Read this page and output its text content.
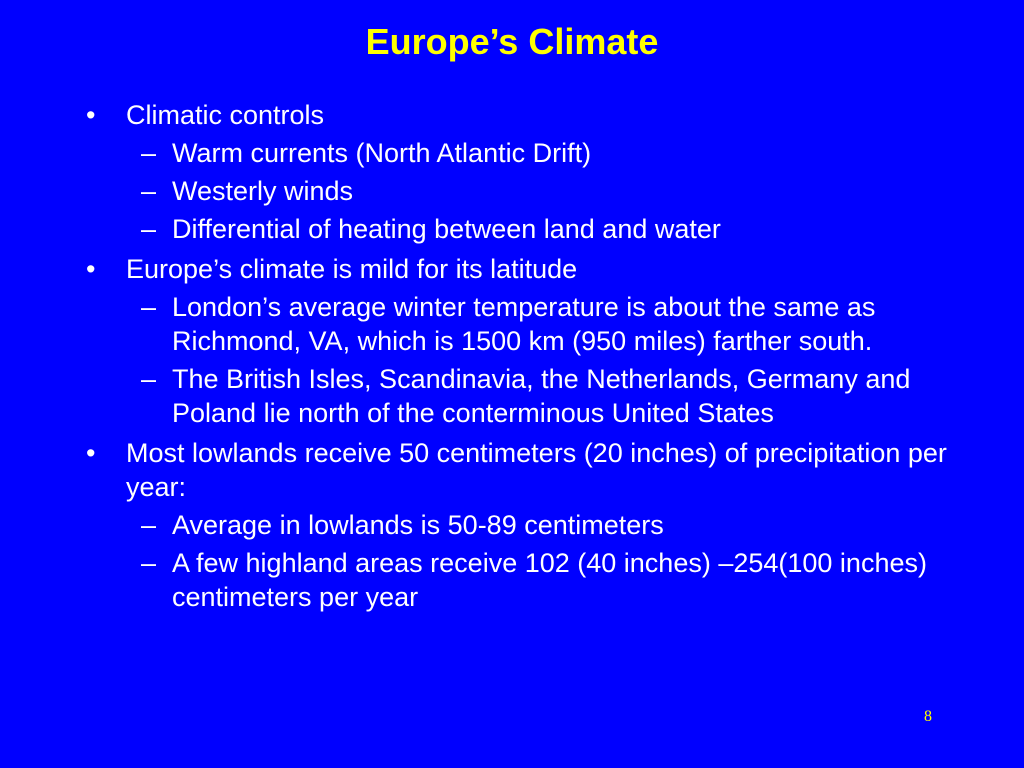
Europe’s Climate
• Climatic controls
– Warm currents (North Atlantic Drift)
– Westerly winds
– Differential of heating between land and water
• Europe’s climate is mild for its latitude
– London’s average winter temperature is about the same as Richmond, VA, which is 1500 km (950 miles) farther south.
– The British Isles, Scandinavia, the Netherlands, Germany and Poland lie north of the conterminous United States
• Most lowlands receive 50 centimeters (20 inches) of precipitation per year:
– Average in lowlands is 50-89 centimeters
– A few highland areas receive 102 (40 inches) –254(100 inches) centimeters per year
8
